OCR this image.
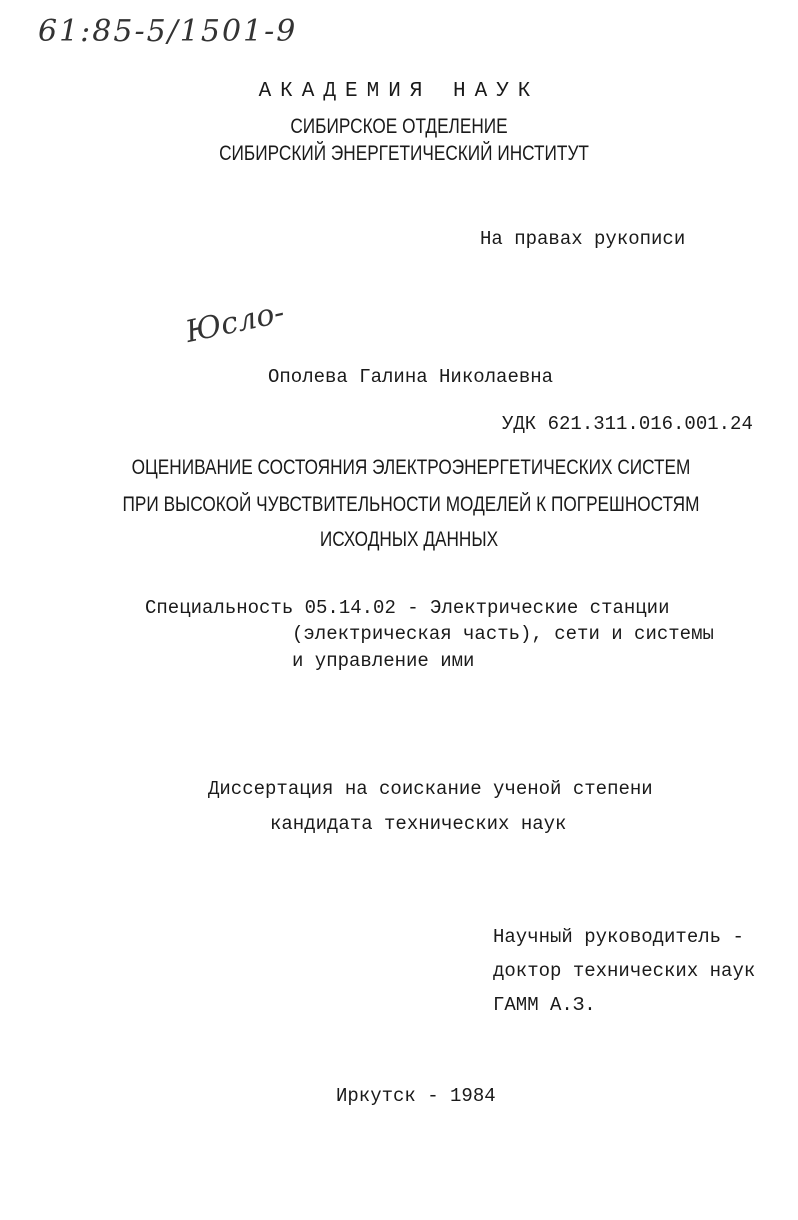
61:85-5/1501-9
АКАДЕМИЯ НАУК
СИБИРСКОЕ ОТДЕЛЕНИЕ
СИБИРСКИЙ ЭНЕРГЕТИЧЕСКИЙ ИНСТИТУТ
На правах рукописи
Юсло-
Ополева Галина Николаевна
УДК 621.311.016.001.24
ОЦЕНИВАНИЕ СОСТОЯНИЯ ЭЛЕКТРОЭНЕРГЕТИЧЕСКИХ СИСТЕМ
ПРИ ВЫСОКОЙ ЧУВСТВИТЕЛЬНОСТИ МОДЕЛЕЙ К ПОГРЕШНОСТЯМ
ИСХОДНЫХ ДАННЫХ
Специальность 05.14.02 - Электрические станции
(электрическая часть), сети и системы
и управление ими
Диссертация на соискание ученой степени
кандидата технических наук
Научный руководитель -
доктор технических наук
ГАММ А.З.
Иркутск - 1984
